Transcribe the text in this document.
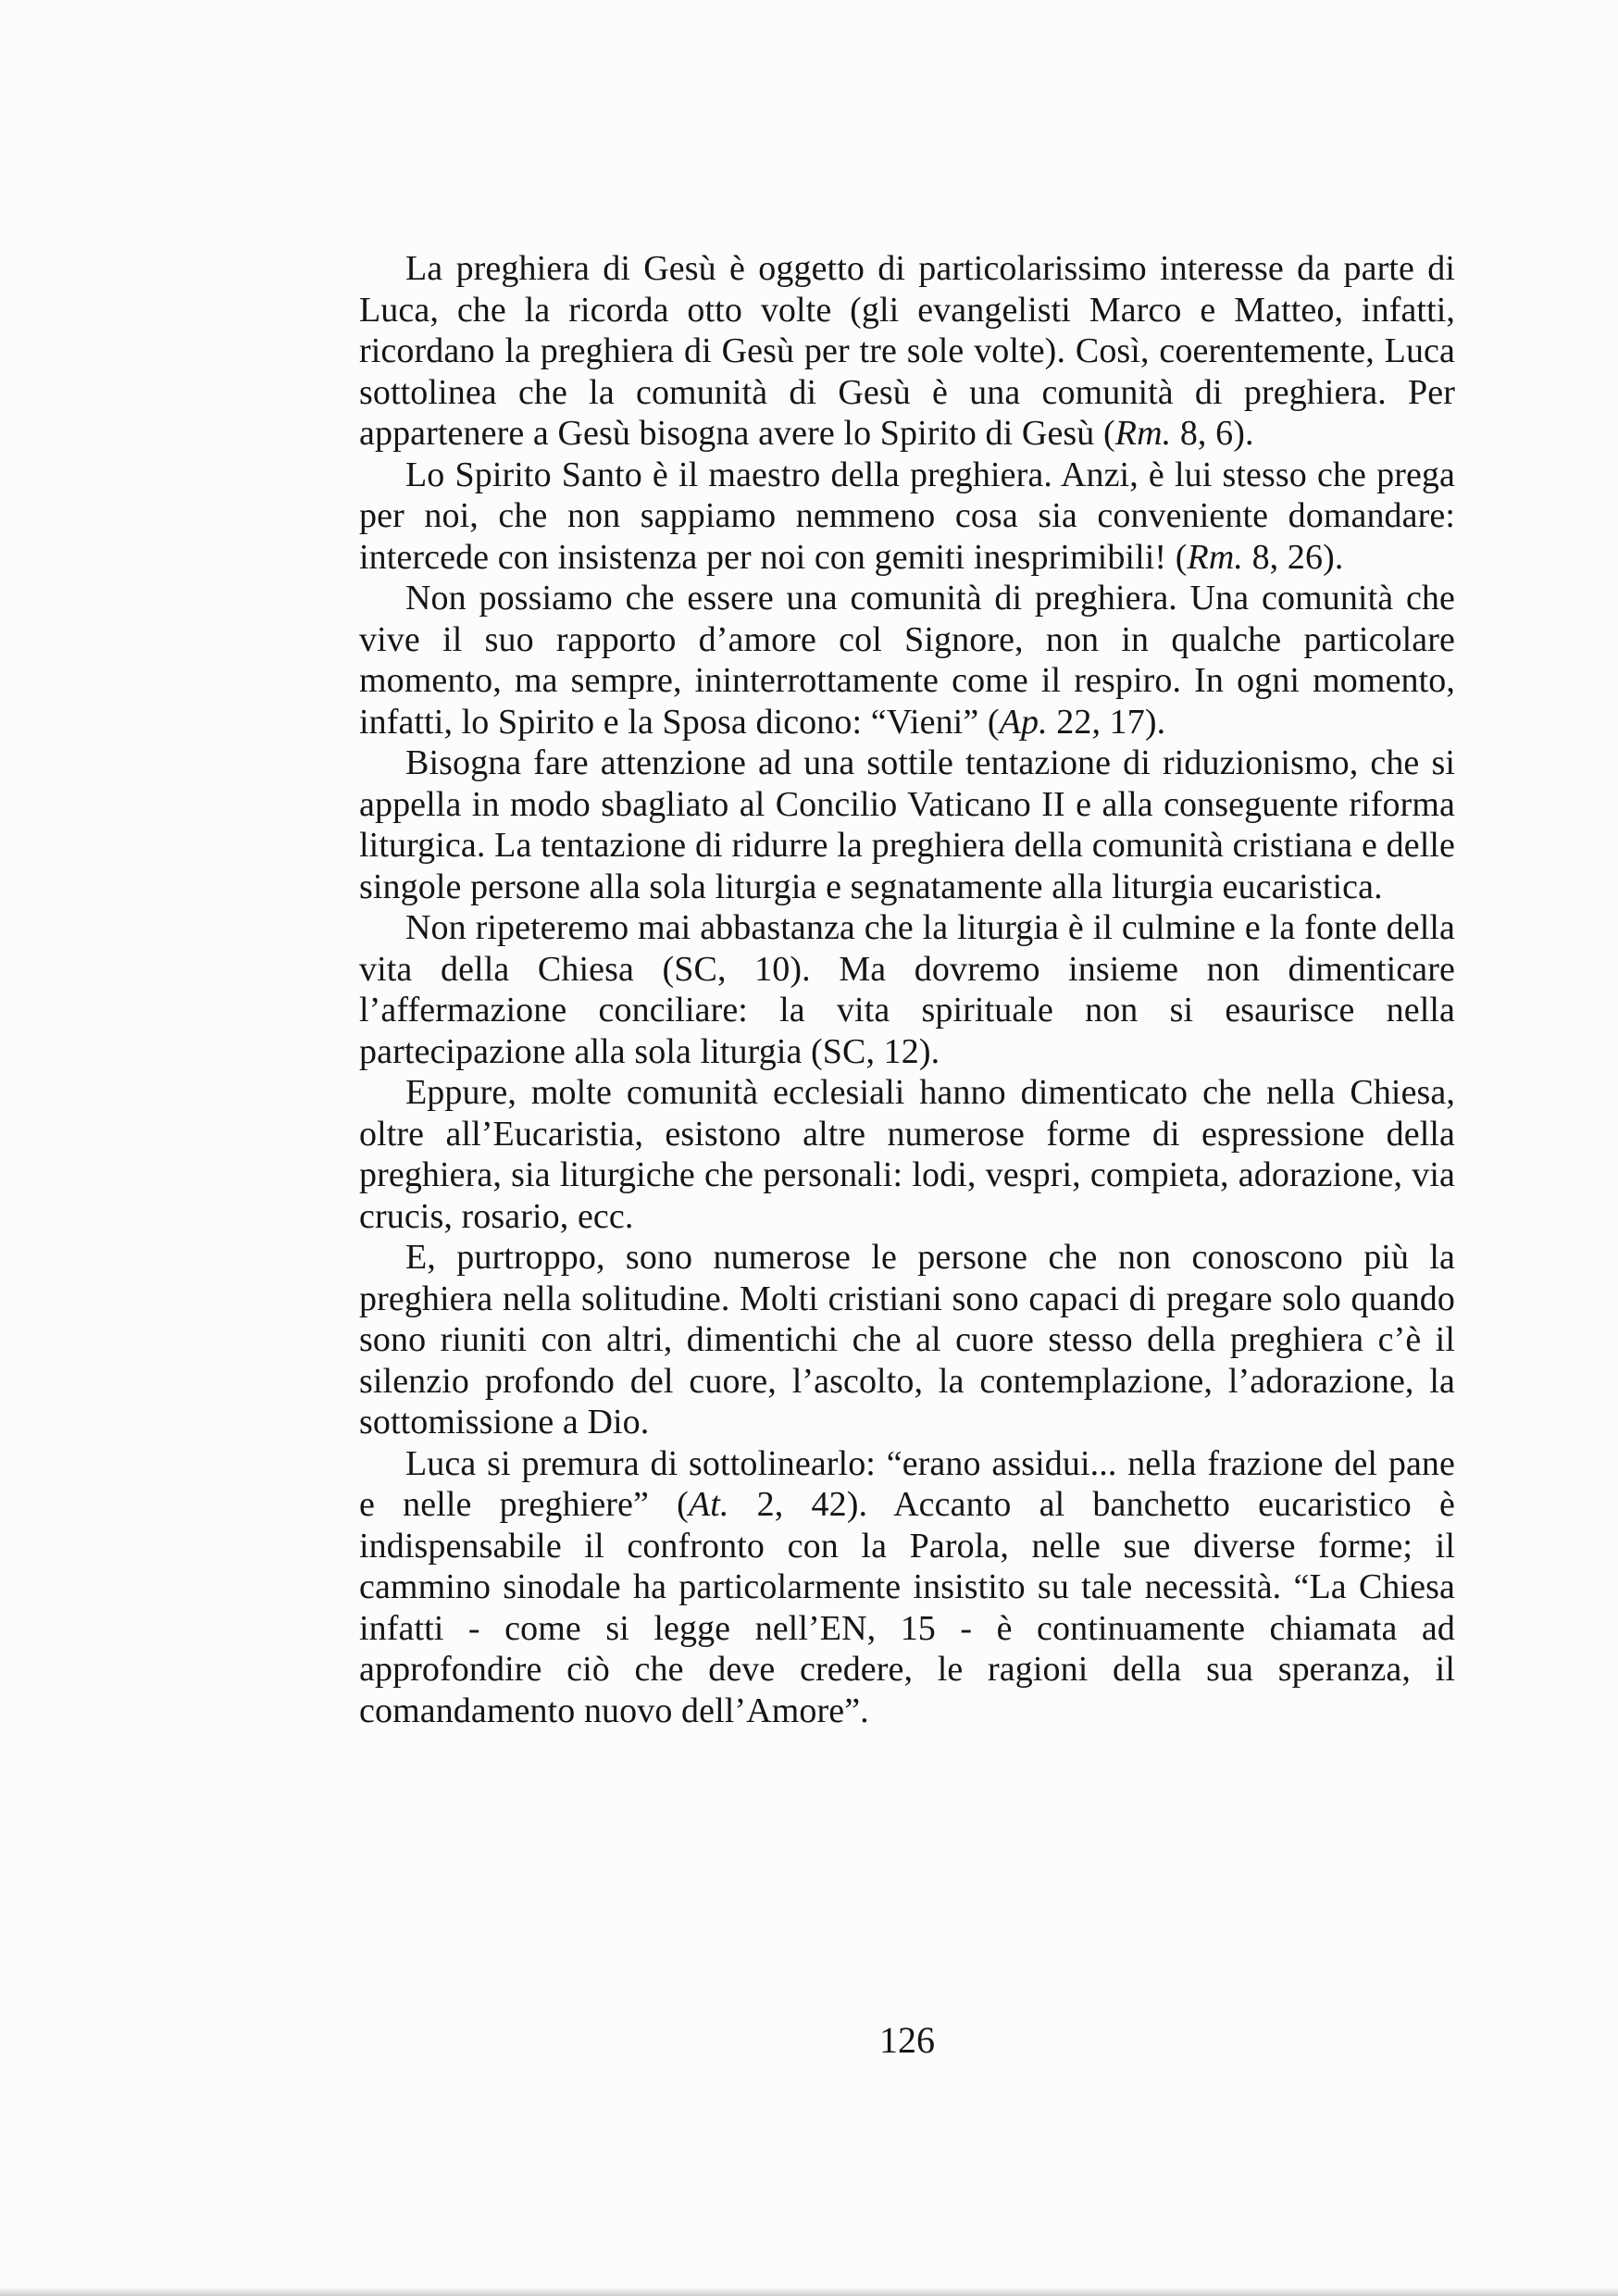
La preghiera di Gesù è oggetto di particolarissimo interesse da parte di Luca, che la ricorda otto volte (gli evangelisti Marco e Matteo, infatti, ricordano la preghiera di Gesù per tre sole volte). Così, coerentemente, Luca sottolinea che la comunità di Gesù è una comunità di preghiera. Per appartenere a Gesù bisogna avere lo Spirito di Gesù (Rm. 8, 6).

Lo Spirito Santo è il maestro della preghiera. Anzi, è lui stesso che prega per noi, che non sappiamo nemmeno cosa sia conveniente domandare: intercede con insistenza per noi con gemiti inesprimibili! (Rm. 8, 26).

Non possiamo che essere una comunità di preghiera. Una comunità che vive il suo rapporto d’amore col Signore, non in qualche particolare momento, ma sempre, ininterrottamente come il respiro. In ogni momento, infatti, lo Spirito e la Sposa dicono: “Vieni” (Ap. 22, 17).

Bisogna fare attenzione ad una sottile tentazione di riduzionismo, che si appella in modo sbagliato al Concilio Vaticano II e alla conseguente riforma liturgica. La tentazione di ridurre la preghiera della comunità cristiana e delle singole persone alla sola liturgia e segnatamente alla liturgia eucaristica.

Non ripeteremo mai abbastanza che la liturgia è il culmine e la fonte della vita della Chiesa (SC, 10). Ma dovremo insieme non dimenticare l’affermazione conciliare: la vita spirituale non si esaurisce nella partecipazione alla sola liturgia (SC, 12).

Eppure, molte comunità ecclesiali hanno dimenticato che nella Chiesa, oltre all’Eucaristia, esistono altre numerose forme di espressione della preghiera, sia liturgiche che personali: lodi, vespri, compieta, adorazione, via crucis, rosario, ecc.

E, purtroppo, sono numerose le persone che non conoscono più la preghiera nella solitudine. Molti cristiani sono capaci di pregare solo quando sono riuniti con altri, dimentichi che al cuore stesso della preghiera c’è il silenzio profondo del cuore, l’ascolto, la contemplazione, l’adorazione, la sottomissione a Dio.

Luca si premura di sottolinearlo: “erano assidui... nella frazione del pane e nelle preghiere” (At. 2, 42). Accanto al banchetto eucaristico è indispensabile il confronto con la Parola, nelle sue diverse forme; il cammino sinodale ha particolarmente insistito su tale necessità. “La Chiesa infatti - come si legge nell’EN, 15 - è continuamente chiamata ad approfondire ciò che deve credere, le ragioni della sua speranza, il comandamento nuovo dell’Amore”.

126
